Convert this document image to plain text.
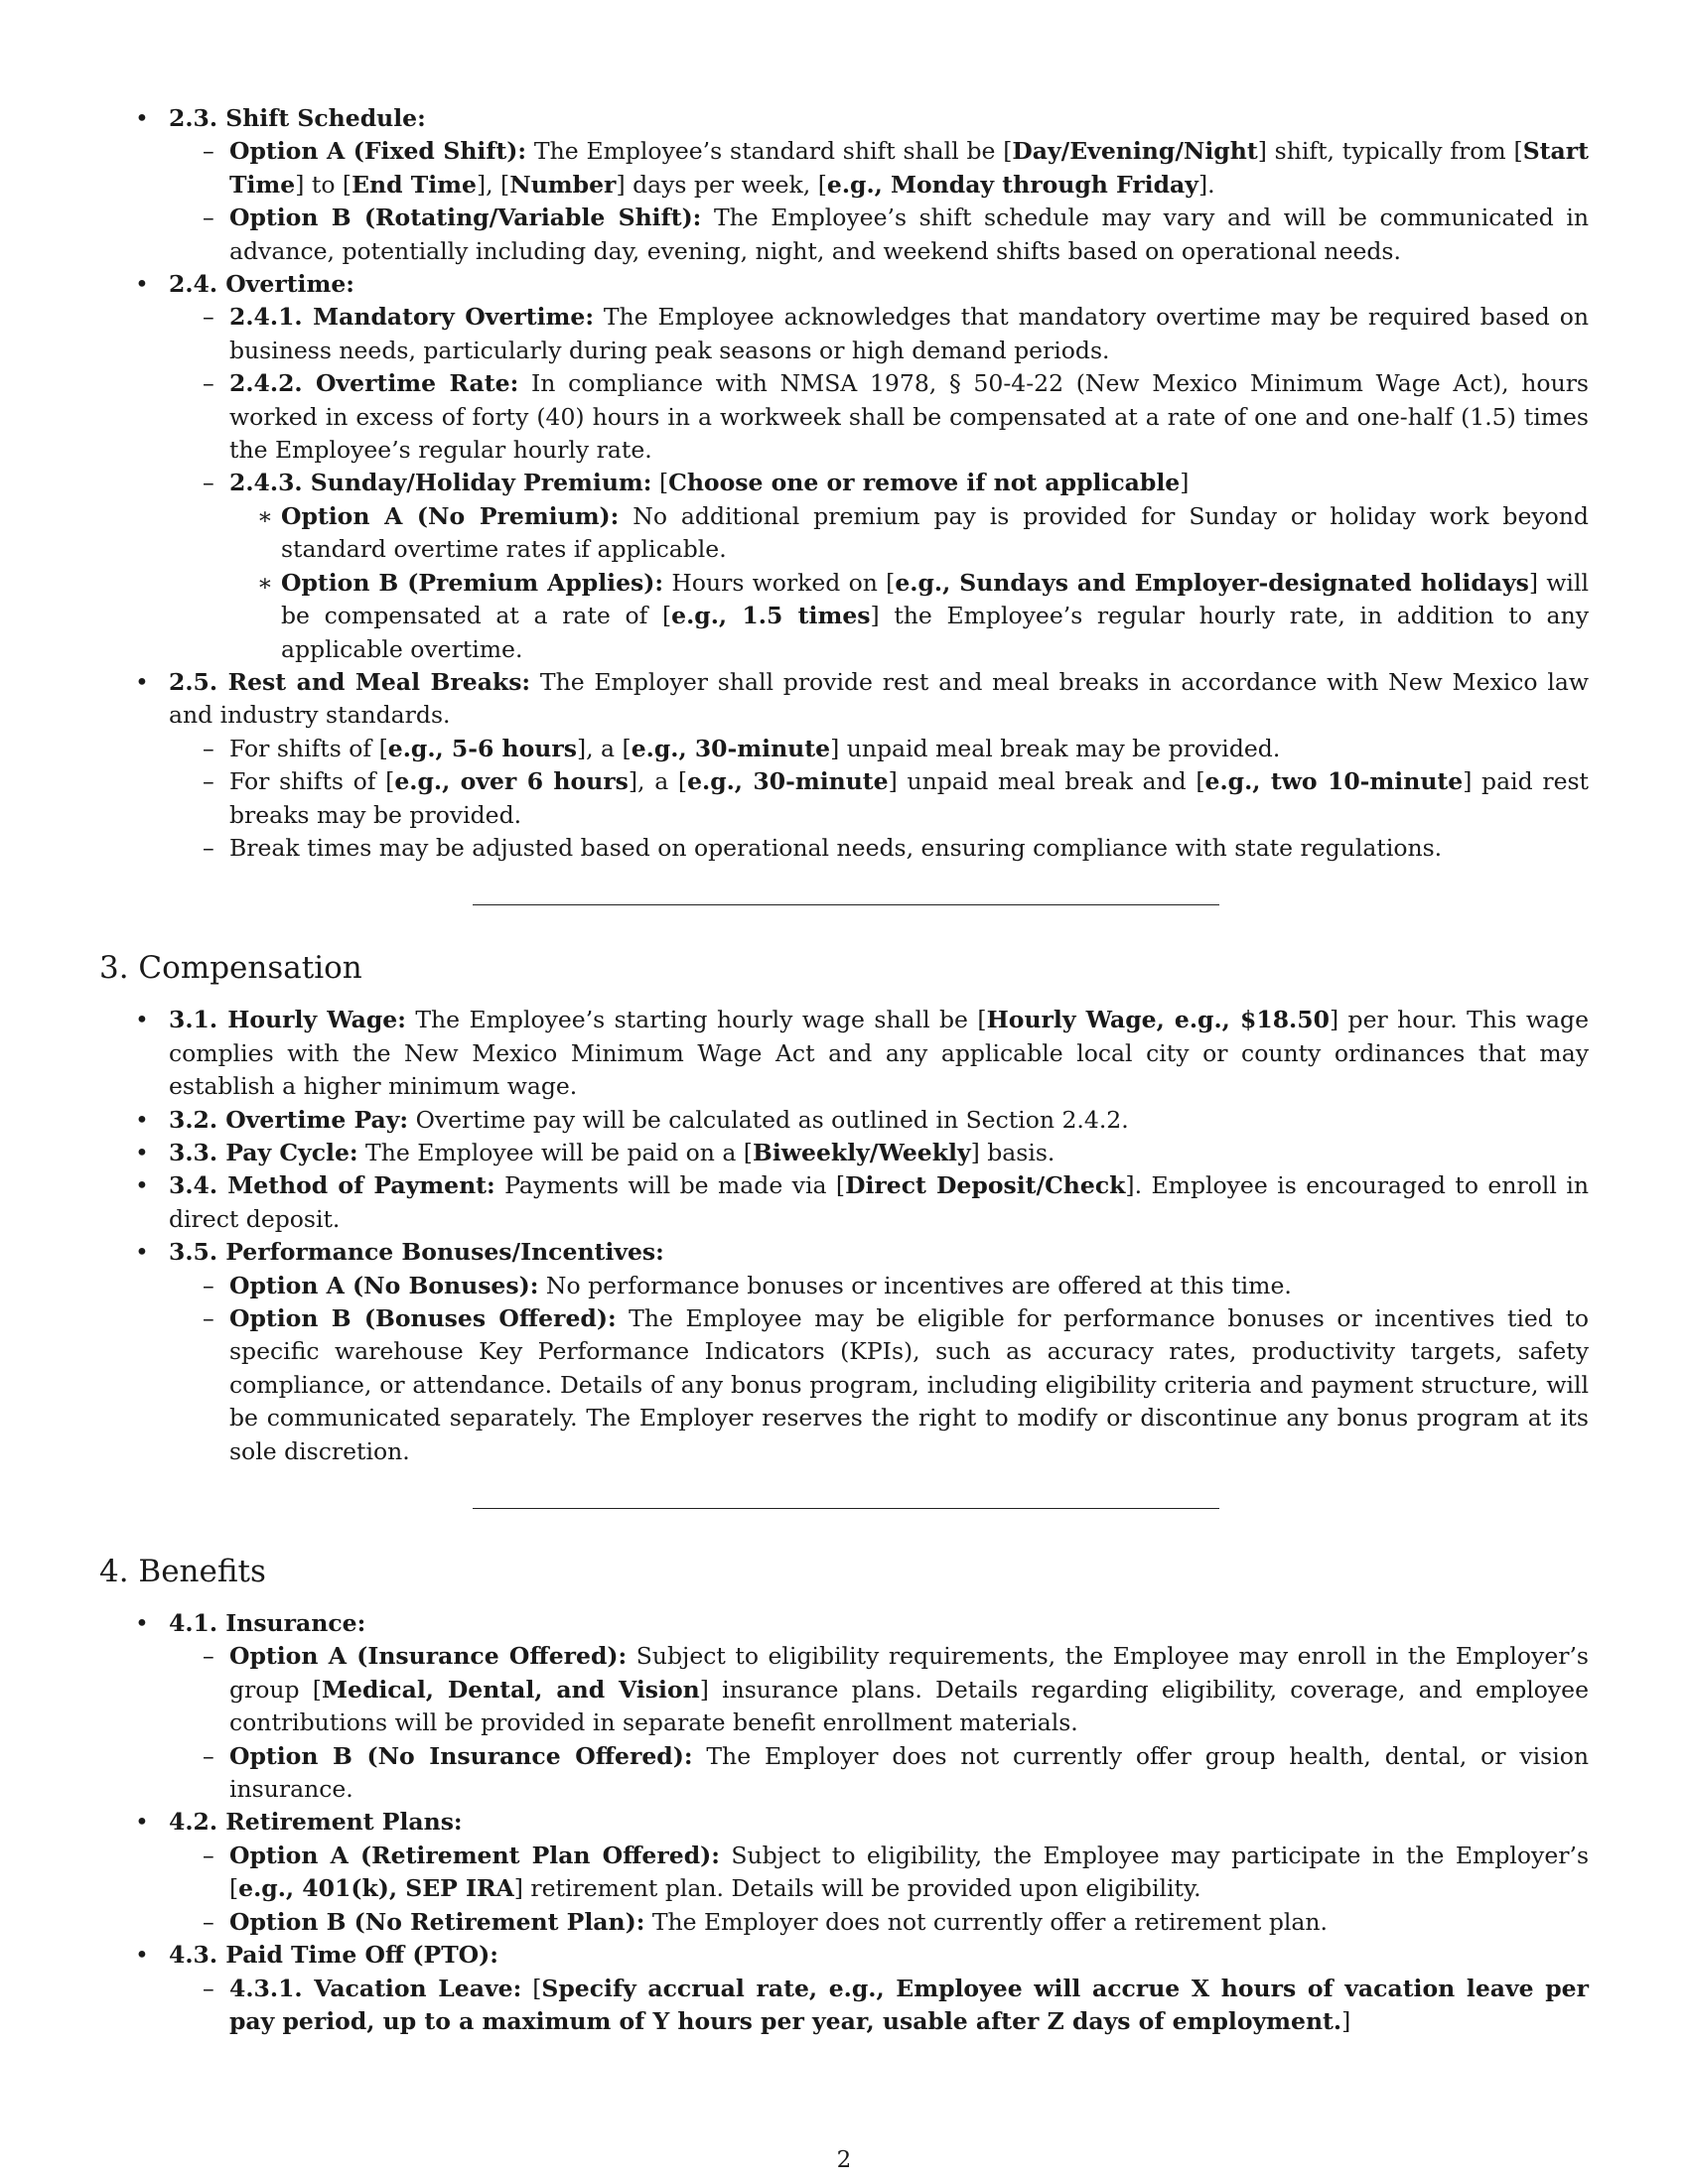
• 2.3. Shift Schedule:
– Option A (Fixed Shift): The Employee’s standard shift shall be [Day/Evening/Night] shift, typically from [Start Time] to [End Time], [Number] days per week, [e.g., Monday through Friday].
– Option B (Rotating/Variable Shift): The Employee’s shift schedule may vary and will be communicated in advance, potentially including day, evening, night, and weekend shifts based on operational needs.
• 2.4. Overtime:
– 2.4.1. Mandatory Overtime: The Employee acknowledges that mandatory overtime may be required based on business needs, particularly during peak seasons or high demand periods.
– 2.4.2. Overtime Rate: In compliance with NMSA 1978, § 50-4-22 (New Mexico Minimum Wage Act), hours worked in excess of forty (40) hours in a workweek shall be compensated at a rate of one and one-half (1.5) times the Employee’s regular hourly rate.
– 2.4.3. Sunday/Holiday Premium: [Choose one or remove if not applicable]
∗ Option A (No Premium): No additional premium pay is provided for Sunday or holiday work beyond standard overtime rates if applicable.
∗ Option B (Premium Applies): Hours worked on [e.g., Sundays and Employer-designated holidays] will be compensated at a rate of [e.g., 1.5 times] the Employee’s regular hourly rate, in addition to any applicable overtime.
• 2.5. Rest and Meal Breaks: The Employer shall provide rest and meal breaks in accordance with New Mexico law and industry standards.
– For shifts of [e.g., 5-6 hours], a [e.g., 30-minute] unpaid meal break may be provided.
– For shifts of [e.g., over 6 hours], a [e.g., 30-minute] unpaid meal break and [e.g., two 10-minute] paid rest breaks may be provided.
– Break times may be adjusted based on operational needs, ensuring compliance with state regulations.
3. Compensation
• 3.1. Hourly Wage: The Employee’s starting hourly wage shall be [Hourly Wage, e.g., $18.50] per hour. This wage complies with the New Mexico Minimum Wage Act and any applicable local city or county ordinances that may establish a higher minimum wage.
• 3.2. Overtime Pay: Overtime pay will be calculated as outlined in Section 2.4.2.
• 3.3. Pay Cycle: The Employee will be paid on a [Biweekly/Weekly] basis.
• 3.4. Method of Payment: Payments will be made via [Direct Deposit/Check]. Employee is encouraged to enroll in direct deposit.
• 3.5. Performance Bonuses/Incentives:
– Option A (No Bonuses): No performance bonuses or incentives are offered at this time.
– Option B (Bonuses Offered): The Employee may be eligible for performance bonuses or incentives tied to specific warehouse Key Performance Indicators (KPIs), such as accuracy rates, productivity targets, safety compliance, or attendance. Details of any bonus program, including eligibility criteria and payment structure, will be communicated separately. The Employer reserves the right to modify or discontinue any bonus program at its sole discretion.
4. Benefits
• 4.1. Insurance:
– Option A (Insurance Offered): Subject to eligibility requirements, the Employee may enroll in the Employer’s group [Medical, Dental, and Vision] insurance plans. Details regarding eligibility, coverage, and employee contributions will be provided in separate benefit enrollment materials.
– Option B (No Insurance Offered): The Employer does not currently offer group health, dental, or vision insurance.
• 4.2. Retirement Plans:
– Option A (Retirement Plan Offered): Subject to eligibility, the Employee may participate in the Employer’s [e.g., 401(k), SEP IRA] retirement plan. Details will be provided upon eligibility.
– Option B (No Retirement Plan): The Employer does not currently offer a retirement plan.
• 4.3. Paid Time Off (PTO):
– 4.3.1. Vacation Leave: [Specify accrual rate, e.g., Employee will accrue X hours of vacation leave per pay period, up to a maximum of Y hours per year, usable after Z days of employment.]
2
